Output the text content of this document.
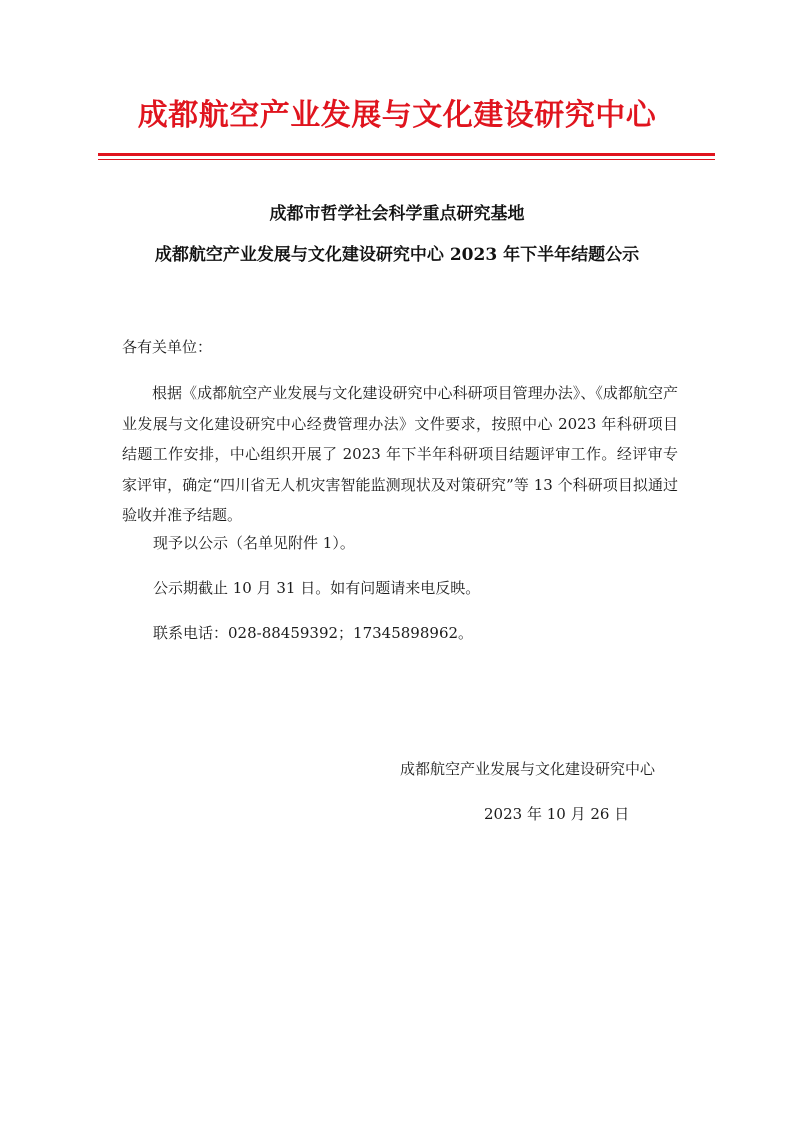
成都航空产业发展与文化建设研究中心
成都市哲学社会科学重点研究基地
成都航空产业发展与文化建设研究中心 2023 年下半年结题公示
各有关单位：

根据《成都航空产业发展与文化建设研究中心科研项目管理办法》、《成都航空产业发展与文化建设研究中心经费管理办法》文件要求，按照中心 2023 年科研项目结题工作安排，中心组织开展了 2023 年下半年科研项目结题评审工作。经评审专家评审，确定“四川省无人机灾害智能监测现状及对策研究”等 13 个科研项目拟通过验收并准予结题。

现予以公示（名单见附件 1）。

公示期截止 10 月 31 日。如有问题请来电反映。

联系电话：028-88459392；17345898962。

成都航空产业发展与文化建设研究中心
2023 年 10 月 26 日
